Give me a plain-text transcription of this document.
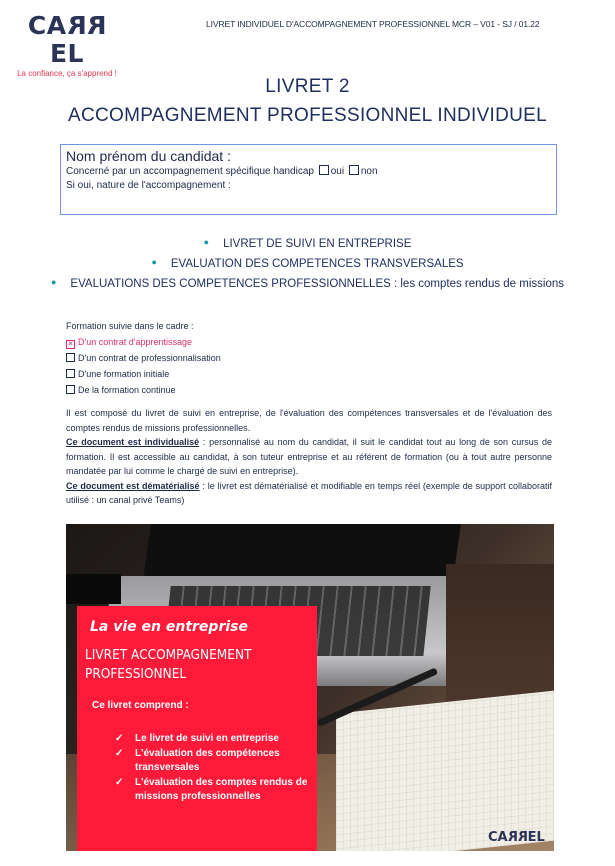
CARREL
La confiance, ça s'apprend !
LIVRET INDIVIDUEL D'ACCOMPAGNEMENT PROFESSIONNEL MCR – V01 - SJ / 01.22
LIVRET 2
ACCOMPAGNEMENT PROFESSIONNEL INDIVIDUEL
Nom prénom du candidat :
Concerné par un accompagnement spécifique handicap oui non
Si oui, nature de l'accompagnement :
● LIVRET DE SUIVI EN ENTREPRISE
● EVALUATION DES COMPETENCES TRANSVERSALES
● EVALUATIONS DES COMPETENCES PROFESSIONNELLES : les comptes rendus de missions
Formation suivie dans le cadre :
✕ D'un contrat d'apprentissage
D'un contrat de professionnalisation
D'une formation initiale
De la formation continue

Il est composé du livret de suivi en entreprise, de l'évaluation des compétences transversales et de l'évaluation des comptes rendus de missions professionnelles.

Ce document est individualisé : personnalisé au nom du candidat, il suit le candidat tout au long de son cursus de formation. Il est accessible au candidat, à son tuteur entreprise et au référent de formation (ou à tout autre personne mandatée par lui comme le chargé de suivi en entreprise).

Ce document est dématérialisé : le livret est dématérialisé et modifiable en temps réel (exemple de support collaboratif utilisé : un canal privé Teams)

La vie en entreprise
LIVRET ACCOMPAGNEMENT
PROFESSIONNEL
Ce livret comprend :
✓ Le livret de suivi en entreprise
✓ L'évaluation des compétences transversales
✓ L'évaluation des comptes rendus de missions professionnelles
CARREL
